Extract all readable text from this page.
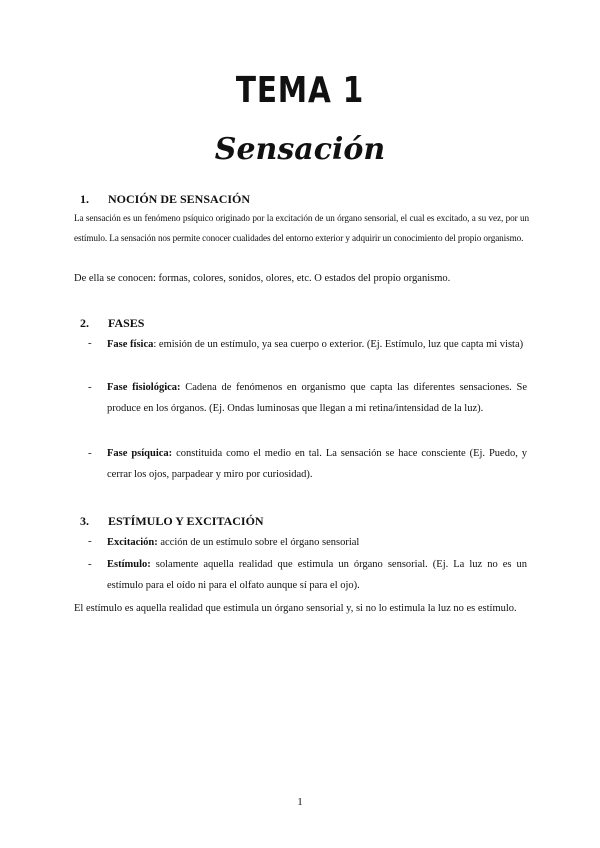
TEMA 1
Sensación
1. NOCIÓN DE SENSACIÓN
La sensación es un fenómeno psíquico originado por la excitación de un órgano sensorial, el cual es excitado, a su vez, por un estímulo. La sensación nos permite conocer cualidades del entorno exterior y adquirir un conocimiento del propio organismo.
De ella se conocen: formas, colores, sonidos, olores, etc. O estados del propio organismo.
2. FASES
-	Fase física: emisión de un estímulo, ya sea cuerpo o exterior. (Ej. Estímulo, luz que capta mi vista)
-	Fase fisiológica: Cadena de fenómenos en organismo que capta las diferentes sensaciones. Se produce en los órganos. (Ej. Ondas luminosas que llegan a mi retina/intensidad de la luz).
-	Fase psíquica: constituida como el medio en tal. La sensación se hace consciente (Ej. Puedo, y cerrar los ojos, parpadear y miro por curiosidad).
3. ESTÍMULO Y EXCITACIÓN
-	Excitación: acción de un estímulo sobre el órgano sensorial
-	Estímulo: solamente aquella realidad que estimula un órgano sensorial. (Ej. La luz no es un estímulo para el oído ni para el olfato aunque sí para el ojo).
El estímulo es aquella realidad que estimula un órgano sensorial y, si no lo estimula la luz no es estímulo.
1
